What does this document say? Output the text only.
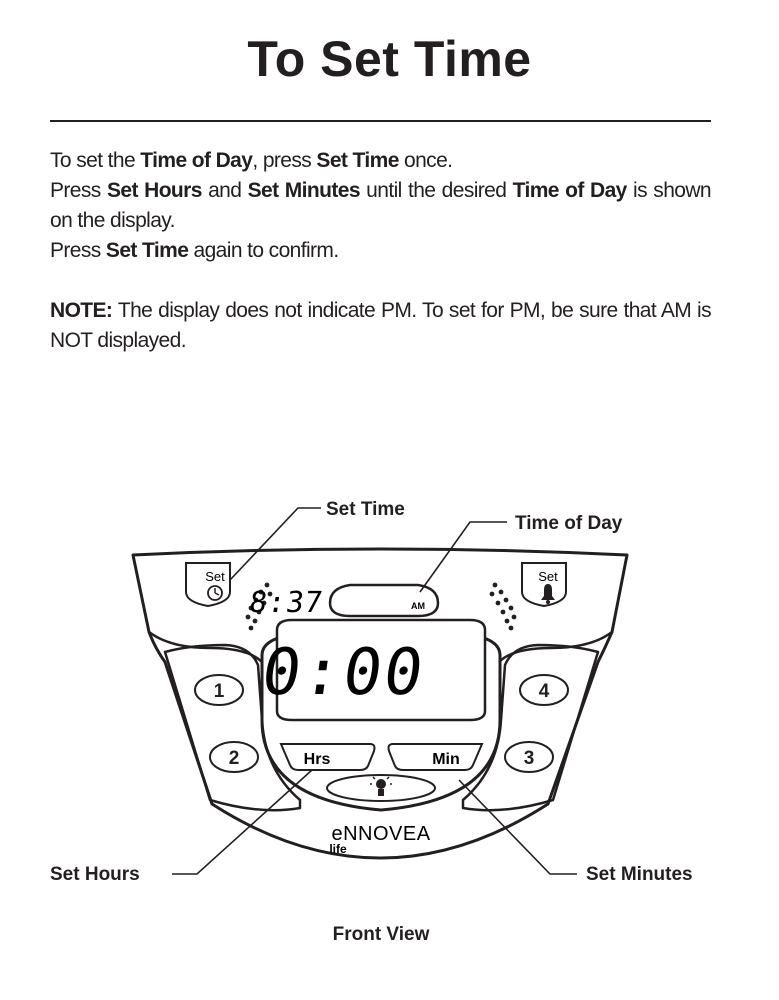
To Set Time

To set the Time of Day, press Set Time once.

Press Set Hours and Set Minutes until the desired Time of Day is shown on the display.

Press Set Time again to confirm.

NOTE: The display does not indicate PM. To set for PM, be sure that AM is NOT displayed.

Set	Set
8:37	AM
0:00
1
2
4
3
Hrs	Min
eNNOVEA
life
Set Time
Time of Day
Set Hours	Set Minutes
Front View
